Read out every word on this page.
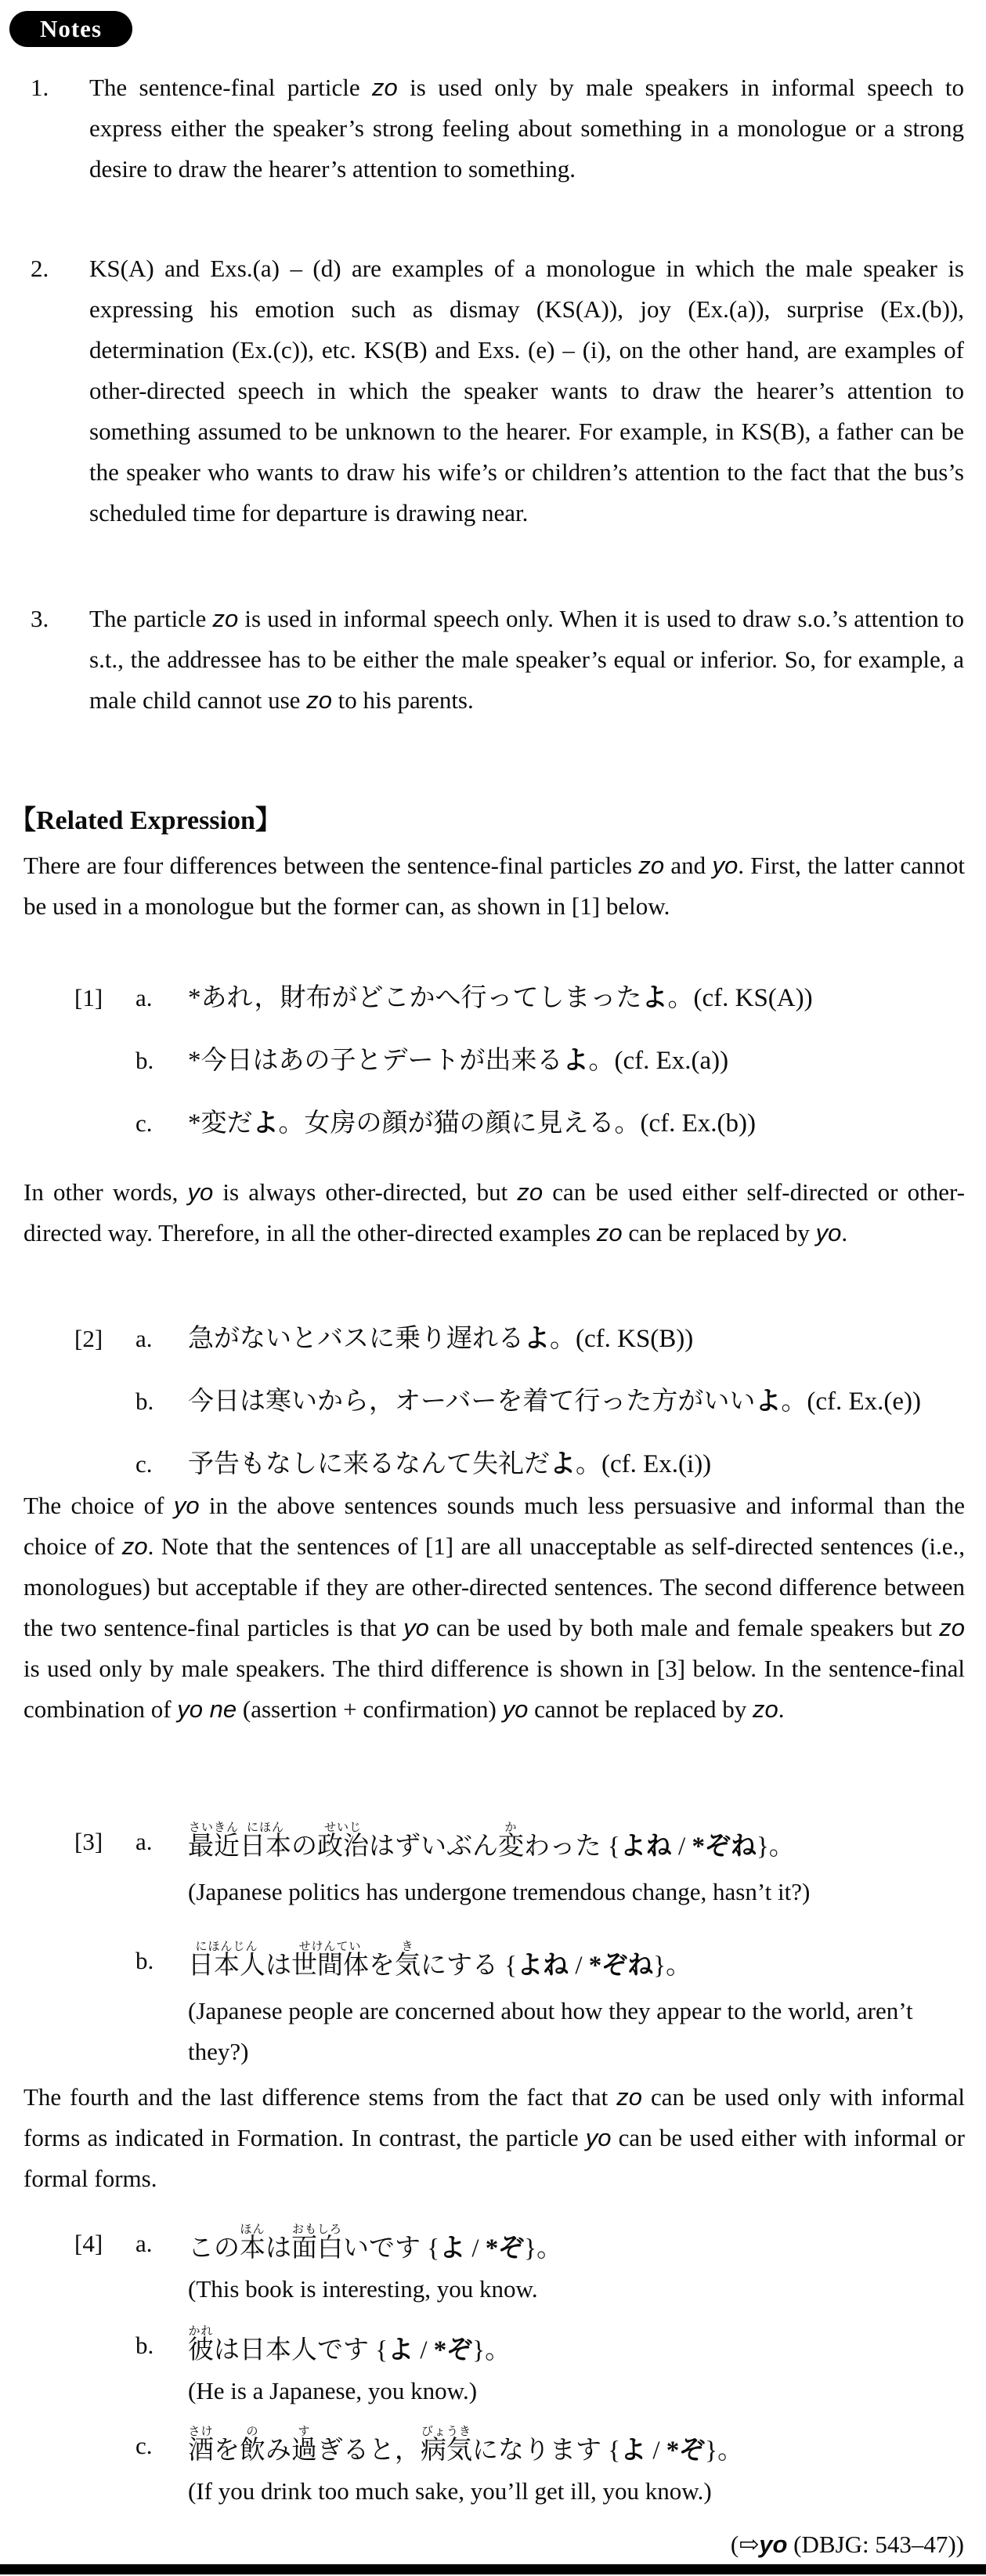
Notes
1.	The sentence-final particle zo is used only by male speakers in informal speech to express either the speaker’s strong feeling about something in a monologue or a strong desire to draw the hearer’s attention to something.

2.	KS(A) and Exs.(a) – (d) are examples of a monologue in which the male speaker is expressing his emotion such as dismay (KS(A)), joy (Ex.(a)), surprise (Ex.(b)), determination (Ex.(c)), etc. KS(B) and Exs. (e) – (i), on the other hand, are examples of other-directed speech in which the speaker wants to draw the hearer’s attention to something assumed to be unknown to the hearer. For example, in KS(B), a father can be the speaker who wants to draw his wife’s or children’s attention to the fact that the bus’s scheduled time for departure is drawing near.

3.	The particle zo is used in informal speech only. When it is used to draw s.o.’s attention to s.t., the addressee has to be either the male speaker’s equal or inferior. So, for example, a male child cannot use zo to his parents.

【Related Expression】

There are four differences between the sentence-final particles zo and yo. First, the latter cannot be used in a monologue but the former can, as shown in [1] below.

[1]	a.	*あれ，財布がどこかへ行ってしまったよ。(cf. KS(A))
b.	*今日はあの子とデートが出来るよ。(cf. Ex.(a))
c.	*変だよ。女房の顔が猫の顔に見える。(cf. Ex.(b))

In other words, yo is always other-directed, but zo can be used either self-directed or other-directed way. Therefore, in all the other-directed examples zo can be replaced by yo.

[2]	a.	急がないとバスに乗り遅れるよ。(cf. KS(B))
b.	今日は寒いから，オーバーを着て行った方がいいよ。(cf. Ex.(e))
c.	予告もなしに来るなんて失礼だよ。(cf. Ex.(i))

The choice of yo in the above sentences sounds much less persuasive and informal than the choice of zo. Note that the sentences of [1] are all unacceptable as self-directed sentences (i.e., monologues) but acceptable if they are other-directed sentences. The second difference between the two sentence-final particles is that yo can be used by both male and female speakers but zo is used only by male speakers. The third difference is shown in [3] below. In the sentence-final combination of yo ne (assertion + confirmation) yo cannot be replaced by zo.

[3]	a.	最近さいきん日本にほんの政治せいじはずいぶん変かわった {よね / *ぞね}。
(Japanese politics has undergone tremendous change, hasn’t it?)
b.	日本人にほんじんは世間体せけんていを気きにする {よね / *ぞね}。
(Japanese people are concerned about how they appear to the world, aren’t they?)

The fourth and the last difference stems from the fact that zo can be used only with informal forms as indicated in Formation. In contrast, the particle yo can be used either with informal or formal forms.

[4]	a.	この本ほんは面白おもしろいです {よ / *ぞ}。
(This book is interesting, you know.
b.	彼かれは日本人です {よ / *ぞ}。
(He is a Japanese, you know.)
c.	酒さけを飲のみ過すぎると，病気びょうきになります {よ / *ぞ}。
(If you drink too much sake, you’ll get ill, you know.)
(⇨yo (DBJG: 543–47))
